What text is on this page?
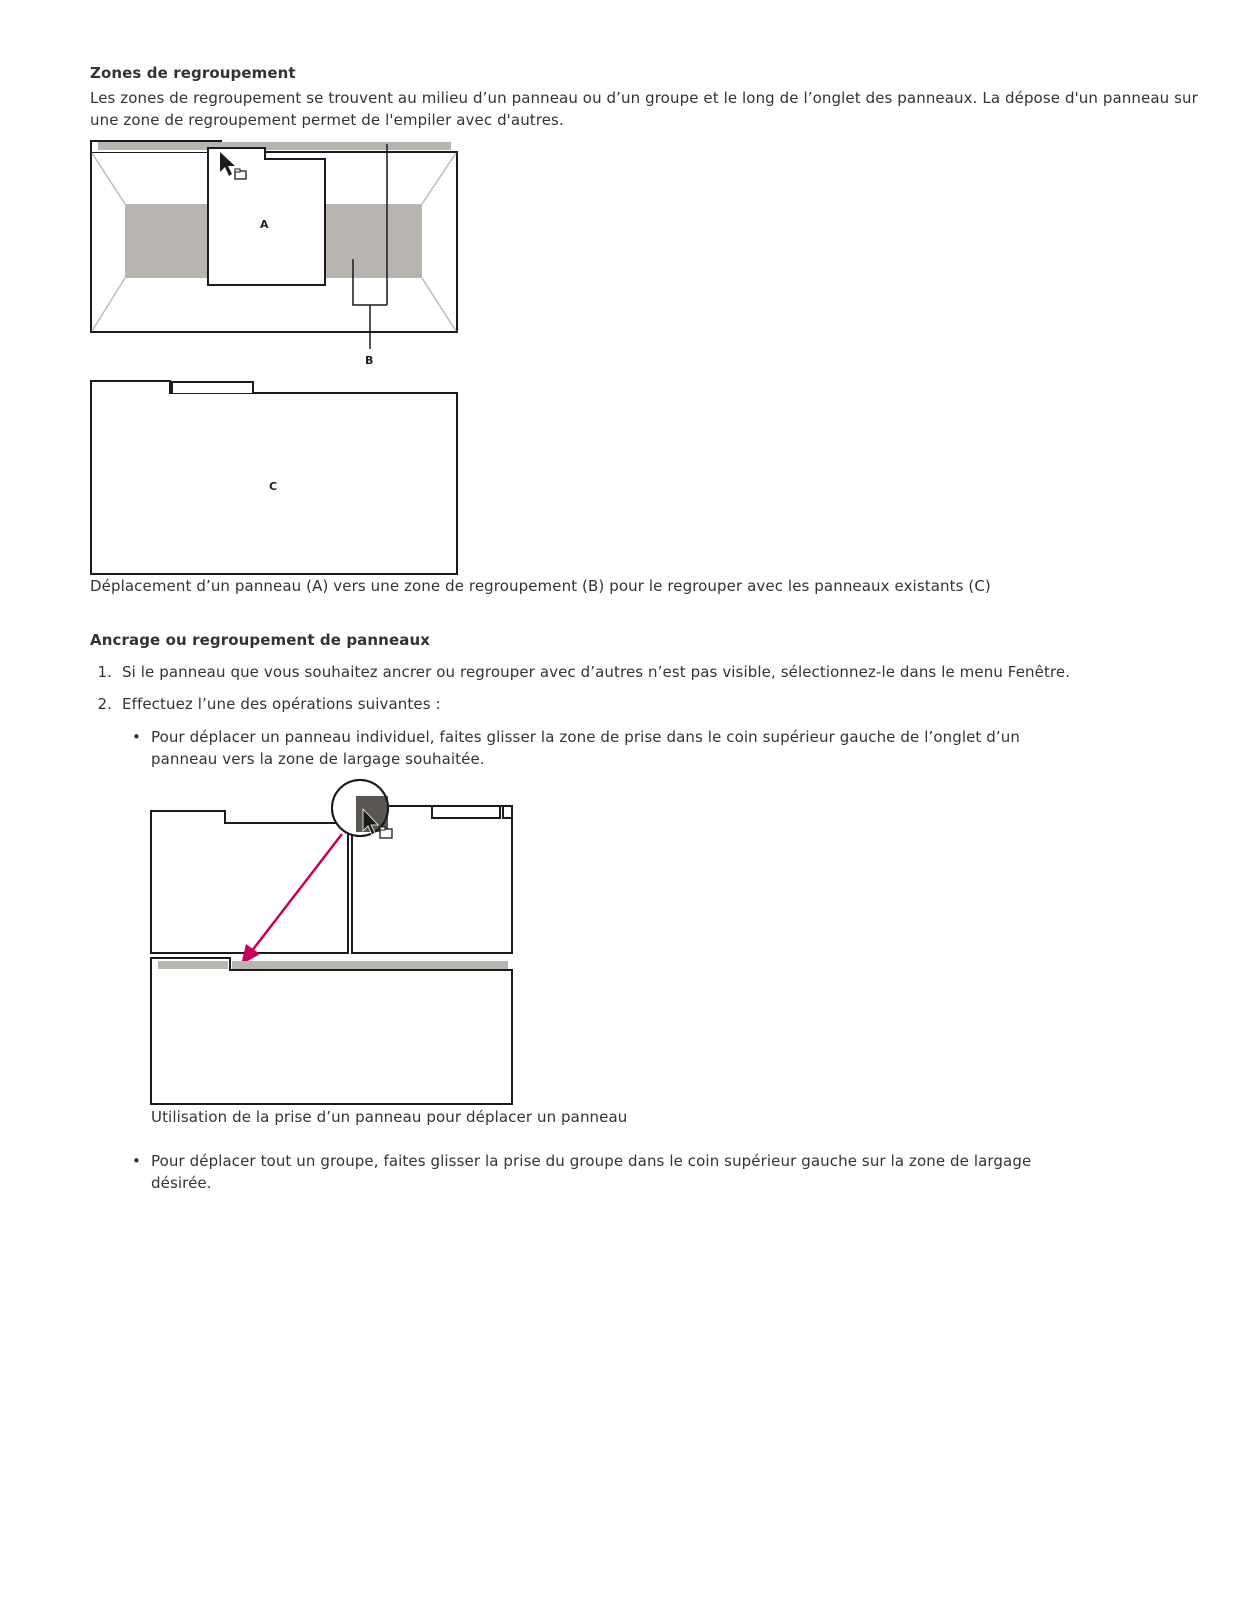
Zones de regroupement
Les zones de regroupement se trouvent au milieu d’un panneau ou d’un groupe et le long de l’onglet des panneaux. La dépose d'un panneau sur
une zone de regroupement permet de l'empiler avec d'autres.
A
B
C
Déplacement d’un panneau (A) vers une zone de regroupement (B) pour le regrouper avec les panneaux existants (C)
Ancrage ou regroupement de panneaux
1. Si le panneau que vous souhaitez ancrer ou regrouper avec d’autres n’est pas visible, sélectionnez-le dans le menu Fenêtre.
2. Effectuez l’une des opérations suivantes :
• Pour déplacer un panneau individuel, faites glisser la zone de prise dans le coin supérieur gauche de l’onglet d’un
panneau vers la zone de largage souhaitée.
Utilisation de la prise d’un panneau pour déplacer un panneau
• Pour déplacer tout un groupe, faites glisser la prise du groupe dans le coin supérieur gauche sur la zone de largage
désirée.
